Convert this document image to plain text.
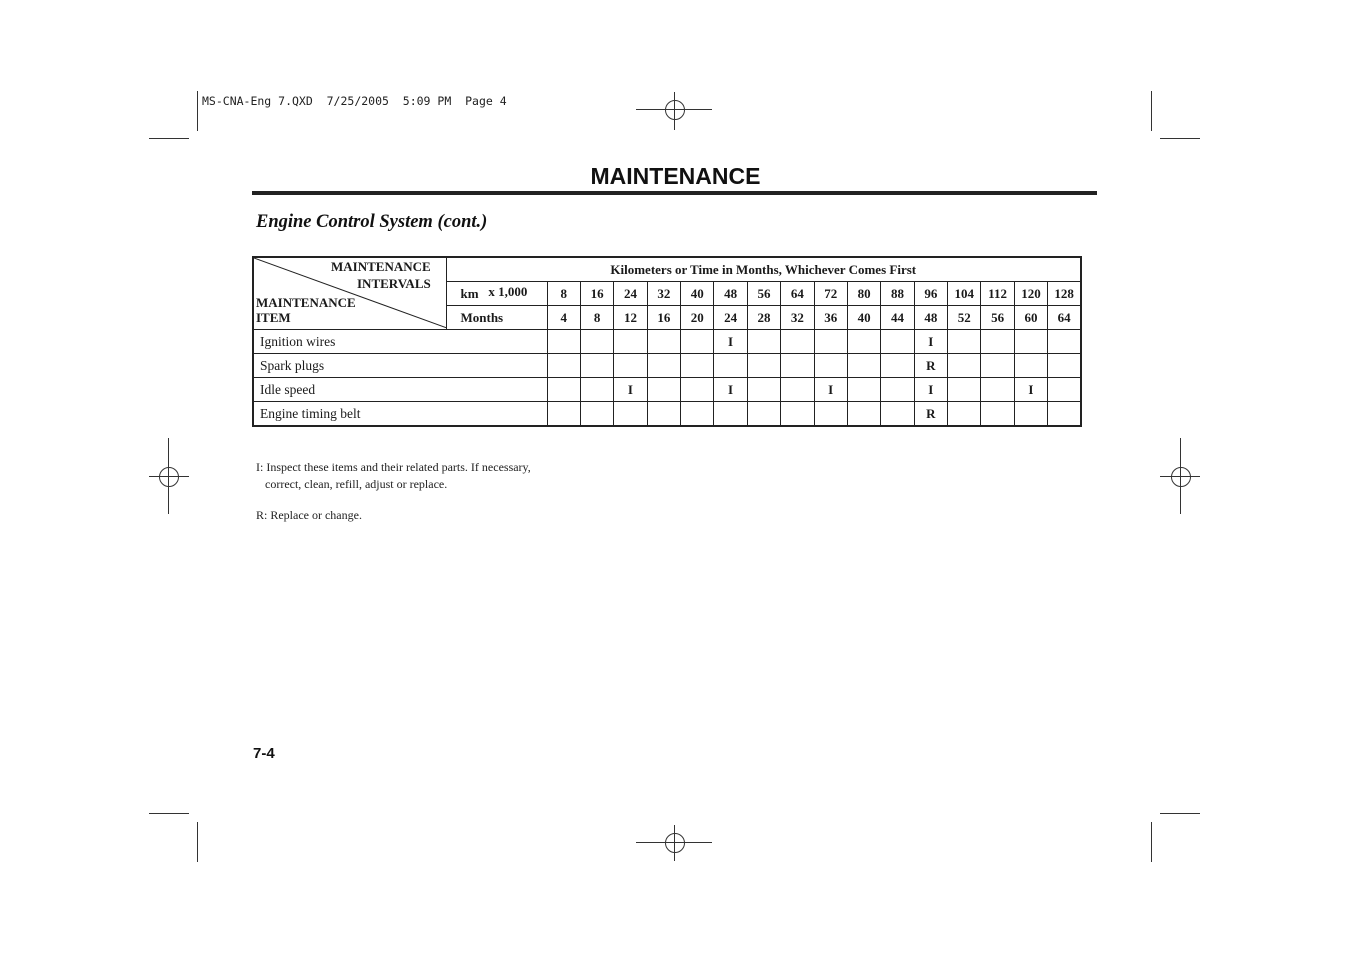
MS-CNA-Eng 7.QXD  7/25/2005  5:09 PM  Page 4
MAINTENANCE
Engine Control System (cont.)
MAINTENANCE
INTERVALS
MAINTENANCE
ITEM	Kilometers or Time in Months, Whichever Comes First																
	km x 1,000	8	16	24	32	40	48	56	64	72	80	88	96	104	112	120	128
	Months	4	8	12	16	20	24	28	32	36	40	44	48	52	56	60	64
Ignition wires							I						I				
Spark plugs													R				
Idle speed				I			I			I			I			I	
Engine timing belt													R				
I: Inspect these items and their related parts. If necessary,
correct, clean, refill, adjust or replace.
R: Replace or change.
7-4
